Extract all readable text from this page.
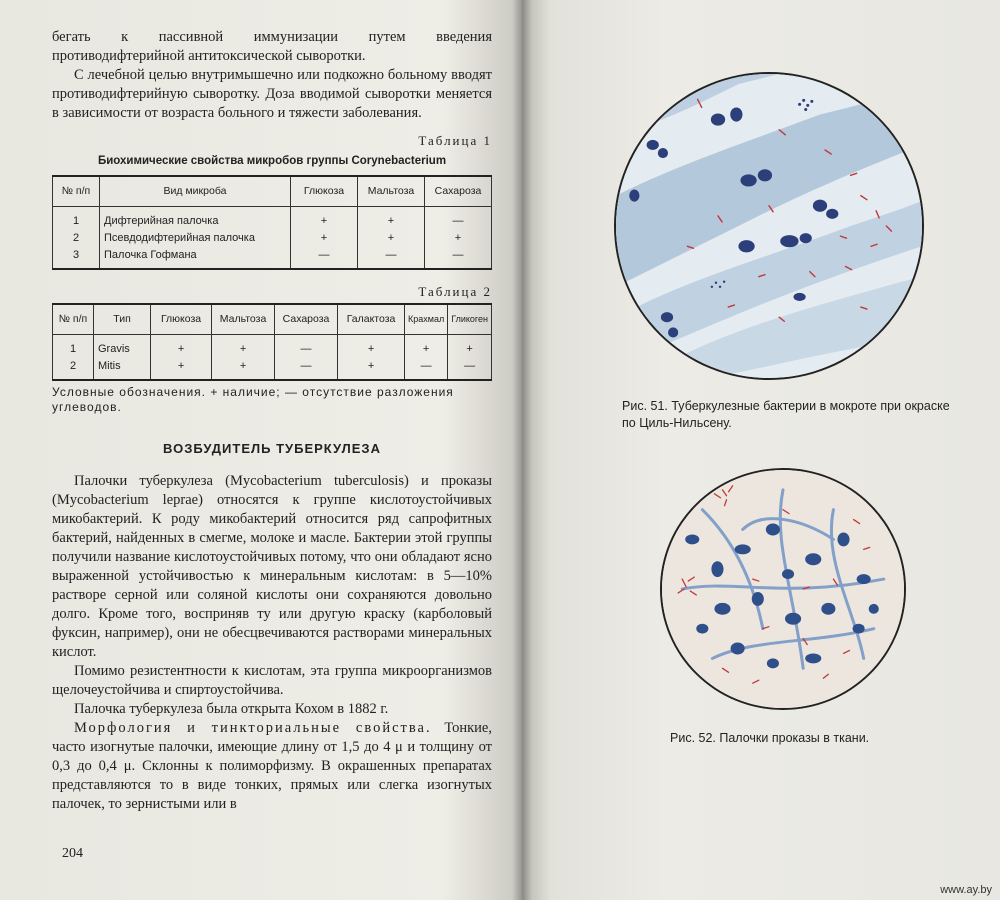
бегать к пассивной иммунизации путем введения противодифтерийной антитоксической сыворотки.

С лечебной целью внутримышечно или подкожно больному вводят противодифтерийную сыворотку. Доза вводимой сыворотки меняется в зависимости от возраста больного и тяжести заболевания.

Таблица 1
Биохимические свойства микробов группы Corynebacterium
№ п/п	Вид микроба	Глюкоза	Мальтоза	Сахароза
1	Дифтерийная палочка	+	+	—
2	Псевдодифтерийная палочка	+	+	+
3	Палочка Гофмана	—	—	—
Таблица 2
№ п/п	Тип	Глюкоза	Мальтоза	Сахароза	Галактоза	Крахмал	Гликоген
1	Gravis	+	+	—	+	+	+
2	Mitis	+	+	—	+	—	—

Условные обозначения. + наличие; — отсутствие разложения углеводов.

ВОЗБУДИТЕЛЬ ТУБЕРКУЛЕЗА

Палочки туберкулеза (Mycobacterium tuberculosis) и проказы (Mycobacterium leprae) относятся к группе кислотоустойчивых микобактерий. К роду микобактерий относится ряд сапрофитных бактерий, найденных в смегме, молоке и масле. Бактерии этой группы получили название кислотоустойчивых потому, что они обладают ясно выраженной устойчивостью к минеральным кислотам: в 5—10% растворе серной или соляной кислоты они сохраняются довольно долго. Кроме того, восприняв ту или другую краску (карболовый фуксин, например), они не обесцвечиваются растворами минеральных кислот.

Помимо резистентности к кислотам, эта группа микроорганизмов щелочеустойчива и спиртоустойчива.

Палочка туберкулеза была открыта Кохом в 1882 г.

Морфология и тинкториальные свойства. Тонкие, часто изогнутые палочки, имеющие длину от 1,5 до 4 μ и толщину от 0,3 до 0,4 μ. Склонны к полиморфизму. В окрашенных препаратах представляются то в виде тонких, прямых или слегка изогнутых палочек, то зернистыми или в

204
Рис. 51. Туберкулезные бактерии в мокроте при окраске по Циль-Нильсену.
Рис. 52. Палочки проказы в ткани.
www.ay.by
